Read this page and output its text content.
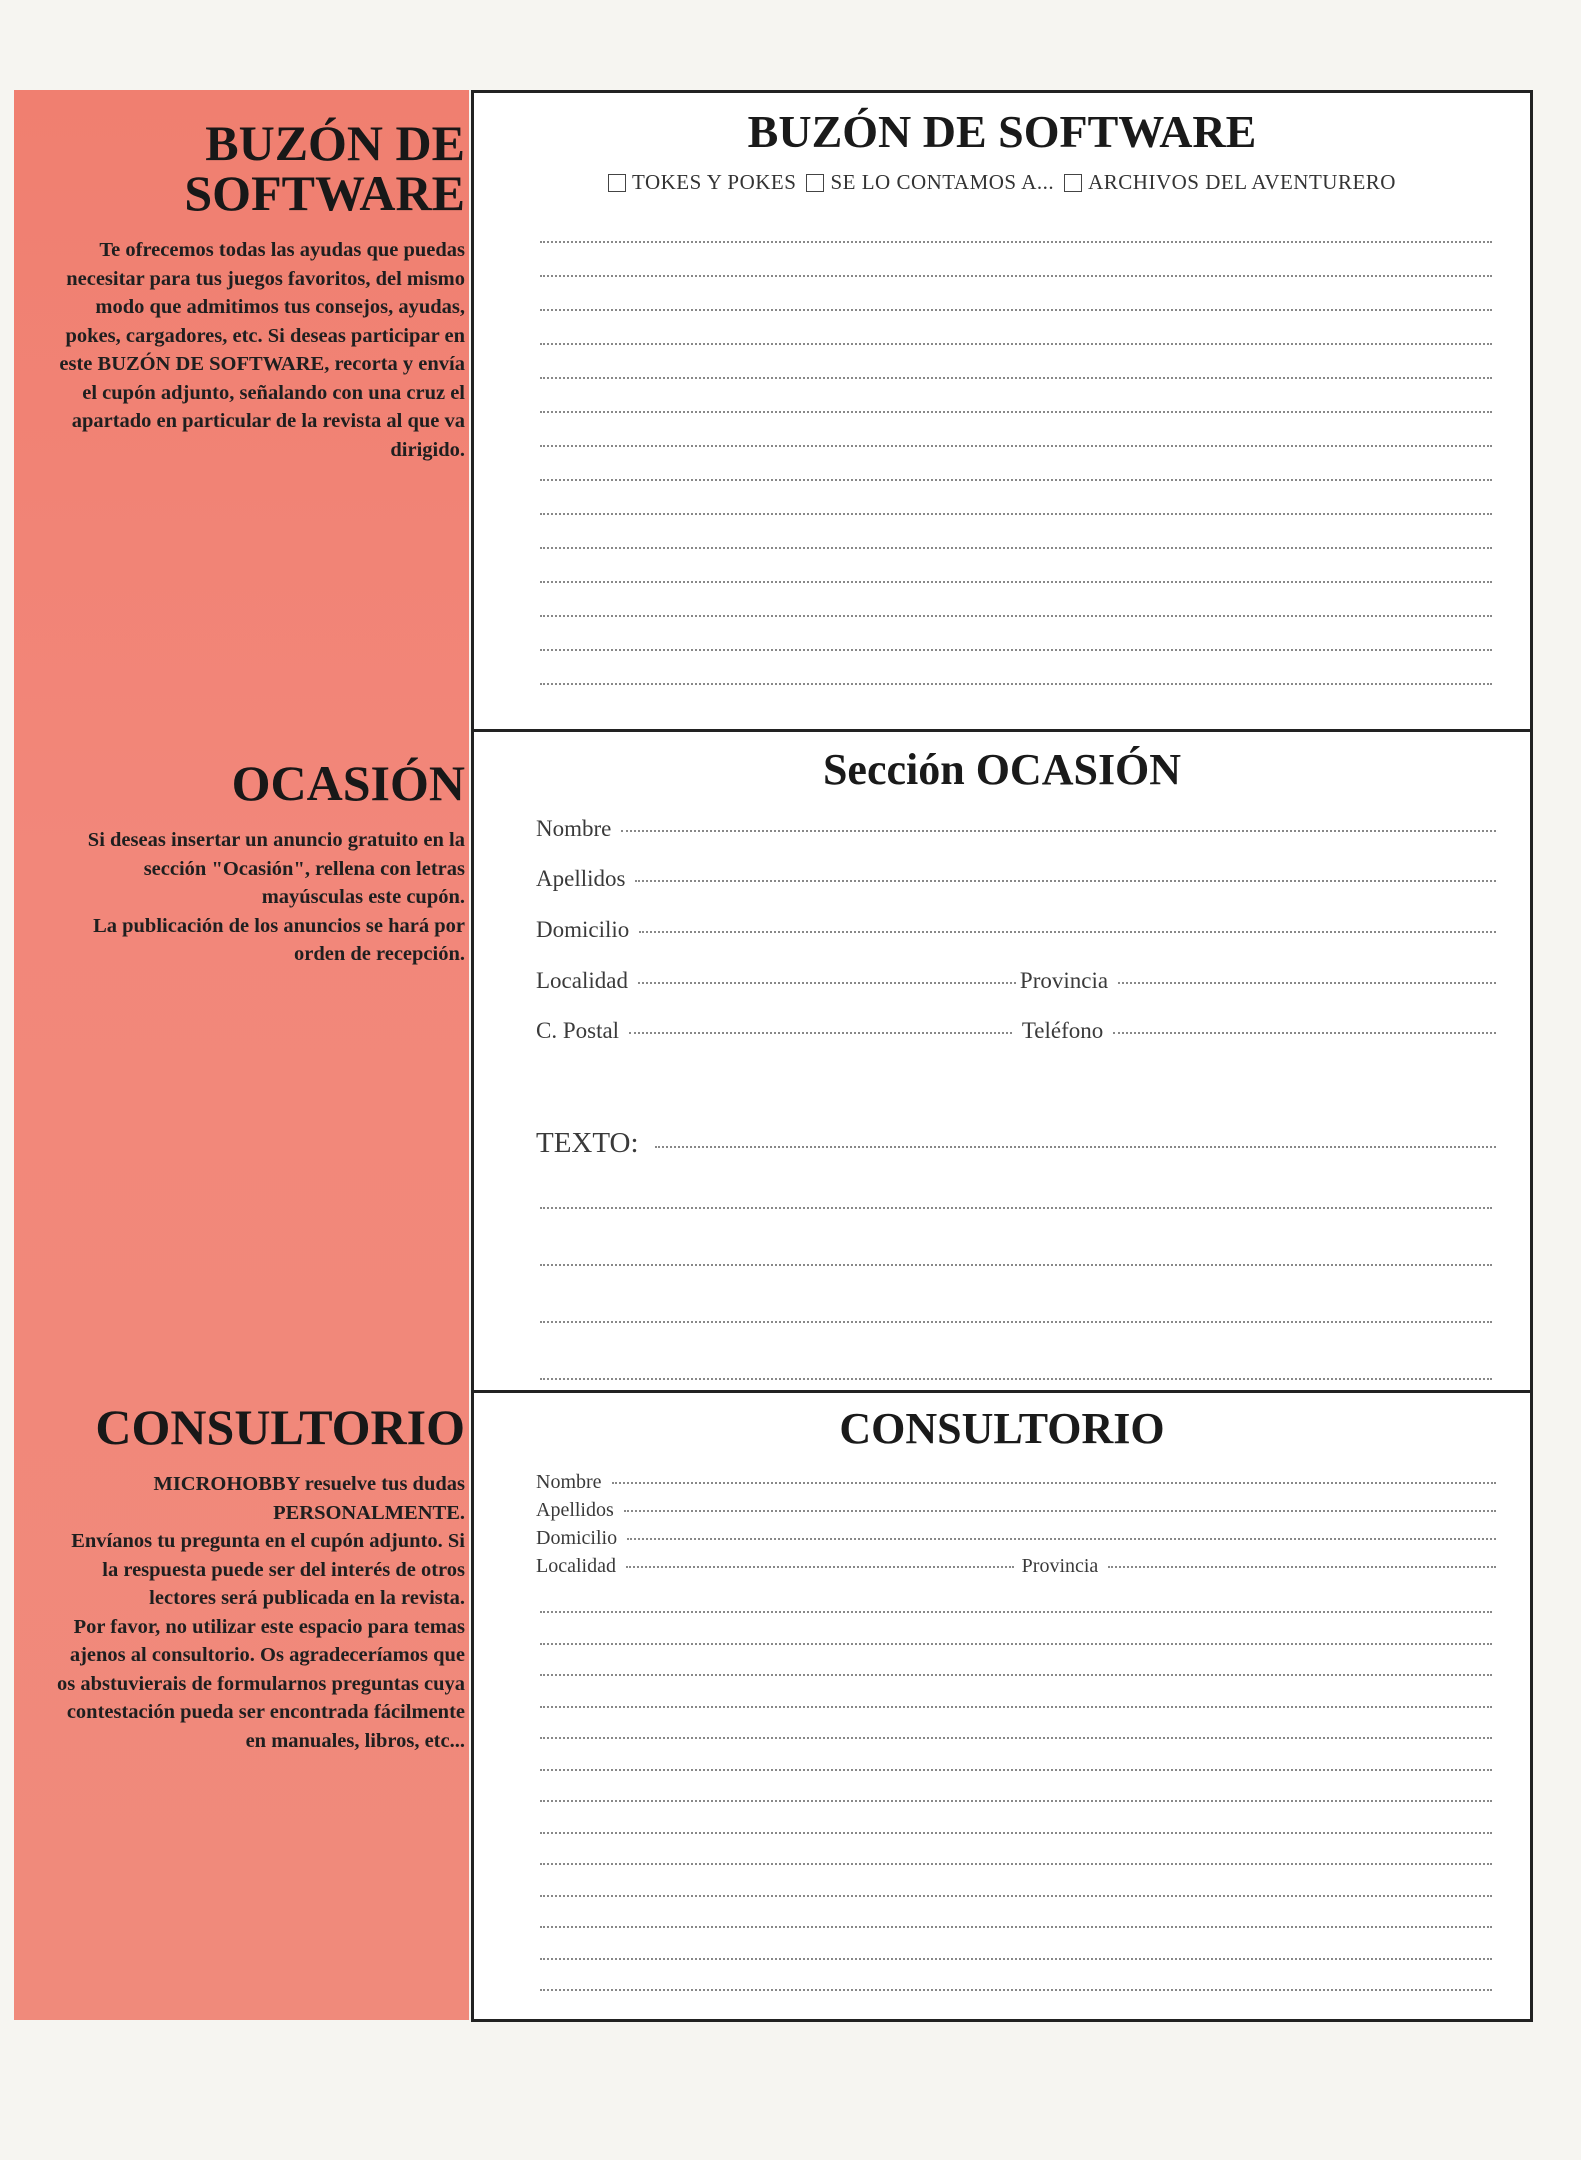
BUZÓN DE
SOFTWARE

Te ofrecemos todas las ayudas que puedas necesitar para tus juegos favoritos, del mismo modo que admitimos tus consejos, ayudas, pokes, cargadores, etc. Si deseas participar en este BUZÓN DE SOFTWARE, recorta y envía el cupón adjunto, señalando con una cruz el apartado en particular de la revista al que va dirigido.

OCASIÓN

Si deseas insertar un anuncio gratuito en la sección "Ocasión", rellena con letras mayúsculas este cupón.

La publicación de los anuncios se hará por orden de recepción.

CONSULTORIO

MICROHOBBY resuelve tus dudas PERSONALMENTE.

Envíanos tu pregunta en el cupón adjunto. Si la respuesta puede ser del interés de otros lectores será publicada en la revista.

Por favor, no utilizar este espacio para temas ajenos al consultorio. Os agradeceríamos que os abstuvierais de formularnos preguntas cuya contestación pueda ser encontrada fácilmente en manuales, libros, etc...

BUZÓN DE SOFTWARE
TOKES Y POKES SE LO CONTAMOS A... ARCHIVOS DEL AVENTURERO
Sección OCASIÓN
Nombre
Apellidos
Domicilio
Localidad	Provincia
C. Postal	Teléfono
TEXTO:
CONSULTORIO
Nombre
Apellidos
Domicilio
Localidad	Provincia
